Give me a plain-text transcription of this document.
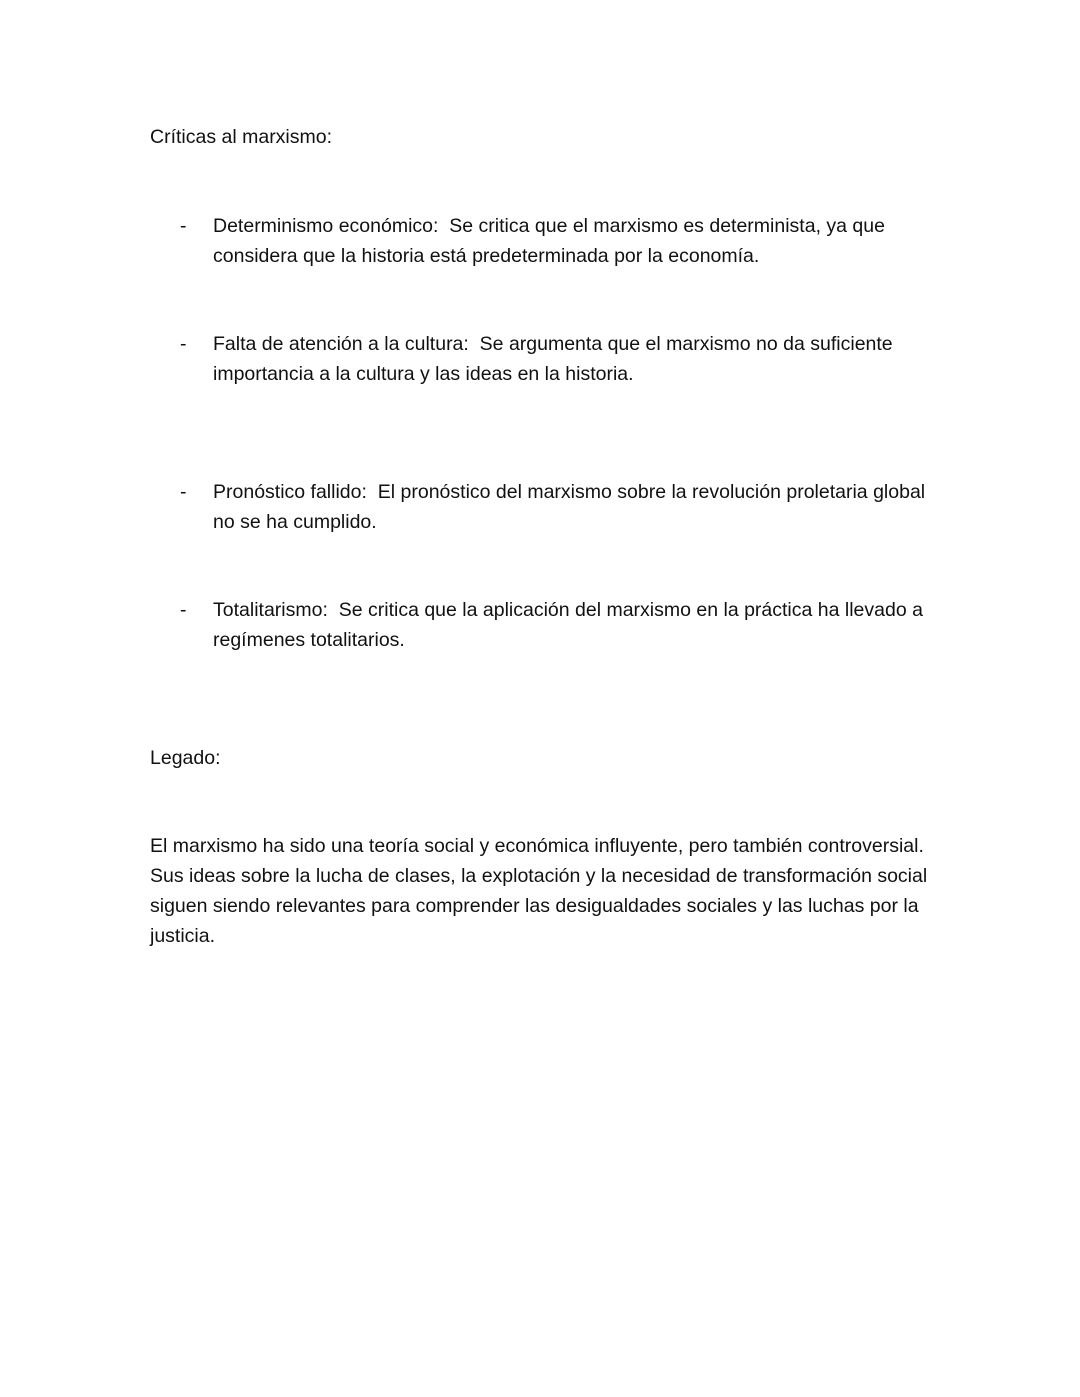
Críticas al marxismo:
-	Determinismo económico: Se critica que el marxismo es determinista, ya que considera que la historia está predeterminada por la economía.
-	Falta de atención a la cultura: Se argumenta que el marxismo no da suficiente importancia a la cultura y las ideas en la historia.
-	Pronóstico fallido: El pronóstico del marxismo sobre la revolución proletaria global no se ha cumplido.
-	Totalitarismo: Se critica que la aplicación del marxismo en la práctica ha llevado a regímenes totalitarios.
Legado:

El marxismo ha sido una teoría social y económica influyente, pero también controversial. Sus ideas sobre la lucha de clases, la explotación y la necesidad de transformación social siguen siendo relevantes para comprender las desigualdades sociales y las luchas por la justicia.
